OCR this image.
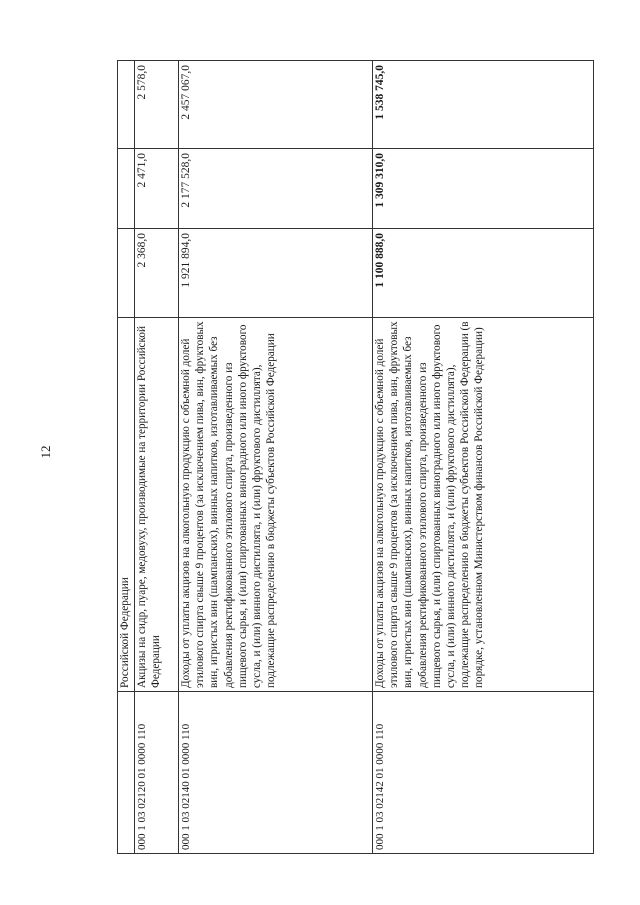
12
	Российской Федерации			
000 1 03 02120 01 0000 110	Акцизы на сидр, пуаре, медовуху, производимые на территории Российской Федерации	2 368,0	2 471,0	2 578,0
000 1 03 02140 01 0000 110	Доходы от уплаты акцизов на алкогольную продукцию с объемной долей этилового спирта свыше 9 процентов (за исключением пива, вин, фруктовых вин, игристых вин (шампанских), винных напитков, изготавливаемых без добавления ректификованного этилового спирта, произведенного из пищевого сырья, и (или) спиртованных виноградного или иного фруктового сусла, и (или) винного дистиллята, и (или) фруктового дистиллята), подлежащие распределению в бюджеты субъектов Российской Федерации	1 921 894,0	2 177 528,0	2 457 067,0
000 1 03 02142 01 0000 110	Доходы от уплаты акцизов на алкогольную продукцию с объемной долей этилового спирта свыше 9 процентов (за исключением пива, вин, фруктовых вин, игристых вин (шампанских), винных напитков, изготавливаемых без добавления ректификованного этилового спирта, произведенного из пищевого сырья, и (или) спиртованных виноградного или иного фруктового сусла, и (или) винного дистиллята, и (или) фруктового дистиллята), подлежащие распределению в бюджеты субъектов Российской Федерации (в порядке, установленном Министерством финансов Российской Федерации)	1 100 888,0	1 309 310,0	1 538 745,0
